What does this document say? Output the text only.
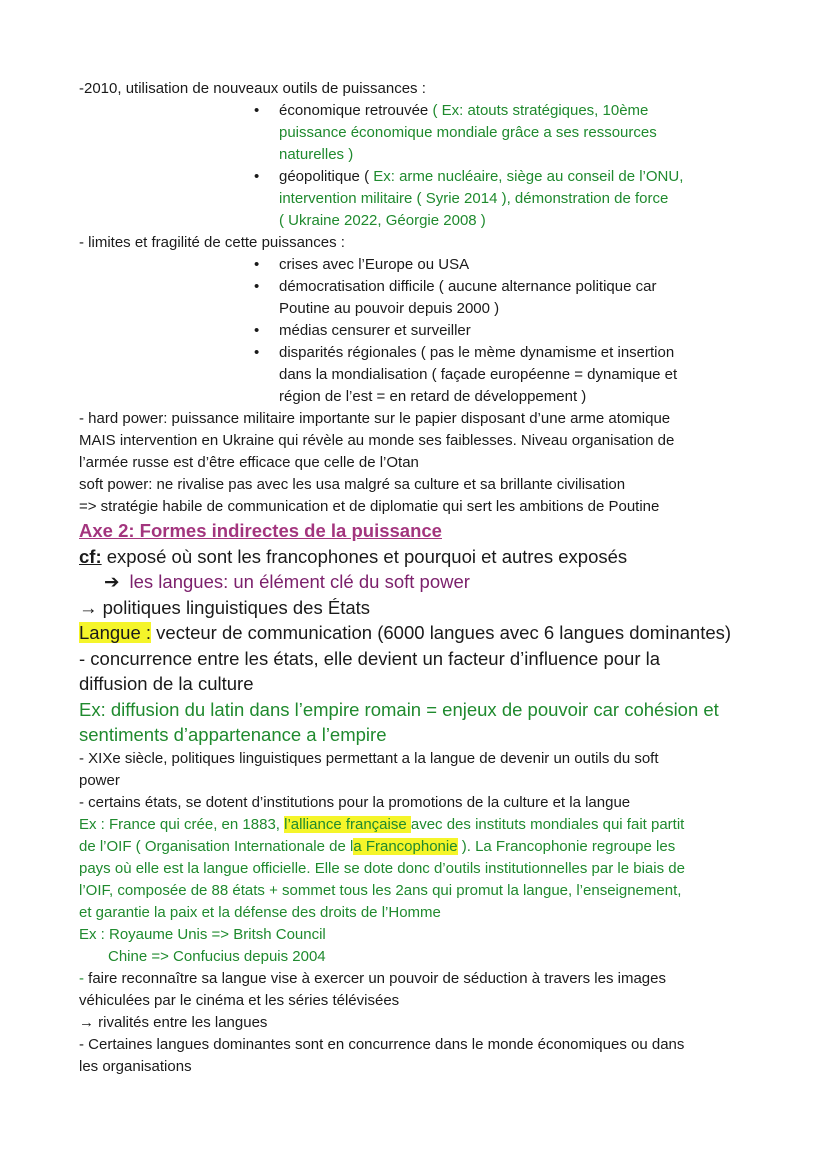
-2010, utilisation de nouveaux outils de puissances :
• économique retrouvée ( Ex: atouts stratégiques, 10ème
puissance économique mondiale grâce a ses ressources
naturelles )
• géopolitique ( Ex: arme nucléaire, siège au conseil de l’ONU,
intervention militaire ( Syrie 2014 ), démonstration de force
( Ukraine 2022, Géorgie 2008 )
- limites et fragilité de cette puissances :
• crises avec l’Europe ou USA
• démocratisation difficile ( aucune alternance politique car
Poutine au pouvoir depuis 2000 )
• médias censurer et surveiller
• disparités régionales ( pas le mème dynamisme et insertion
dans la mondialisation ( façade européenne = dynamique et
région de l’est = en retard de développement )
- hard power: puissance militaire importante sur le papier disposant d’une arme atomique
MAIS intervention en Ukraine qui révèle au monde ses faiblesses. Niveau organisation de
l’armée russe est d’être efficace que celle de l’Otan
soft power: ne rivalise pas avec les usa malgré sa culture et sa brillante civilisation
=> stratégie habile de communication et de diplomatie qui sert les ambitions de Poutine
Axe 2: Formes indirectes de la puissance
cf: exposé où sont les francophones et pourquoi et autres exposés
➔ les langues: un élément clé du soft power
→ politiques linguistiques des États
Langue : vecteur de communication (6000 langues avec 6 langues dominantes)
- concurrence entre les états, elle devient un facteur d’influence pour la
diffusion de la culture
Ex: diffusion du latin dans l’empire romain = enjeux de pouvoir car cohésion et
sentiments d’appartenance a l’empire
- XIXe siècle, politiques linguistiques permettant a la langue de devenir un outils du soft
power
- certains états, se dotent d’institutions pour la promotions de la culture et la langue
Ex : France qui crée, en 1883, l’alliance française avec des instituts mondiales qui fait partit
de l’OIF ( Organisation Internationale de la Francophonie ). La Francophonie regroupe les
pays où elle est la langue officielle. Elle se dote donc d’outils institutionnelles par le biais de
l’OIF, composée de 88 états + sommet tous les 2ans qui promut la langue, l’enseignement,
et garantie la paix et la défense des droits de l’Homme
Ex : Royaume Unis => Britsh Council
Chine => Confucius depuis 2004
- faire reconnaître sa langue vise à exercer un pouvoir de séduction à travers les images
véhiculées par le cinéma et les séries télévisées
→ rivalités entre les langues
- Certaines langues dominantes sont en concurrence dans le monde économiques ou dans
les organisations
